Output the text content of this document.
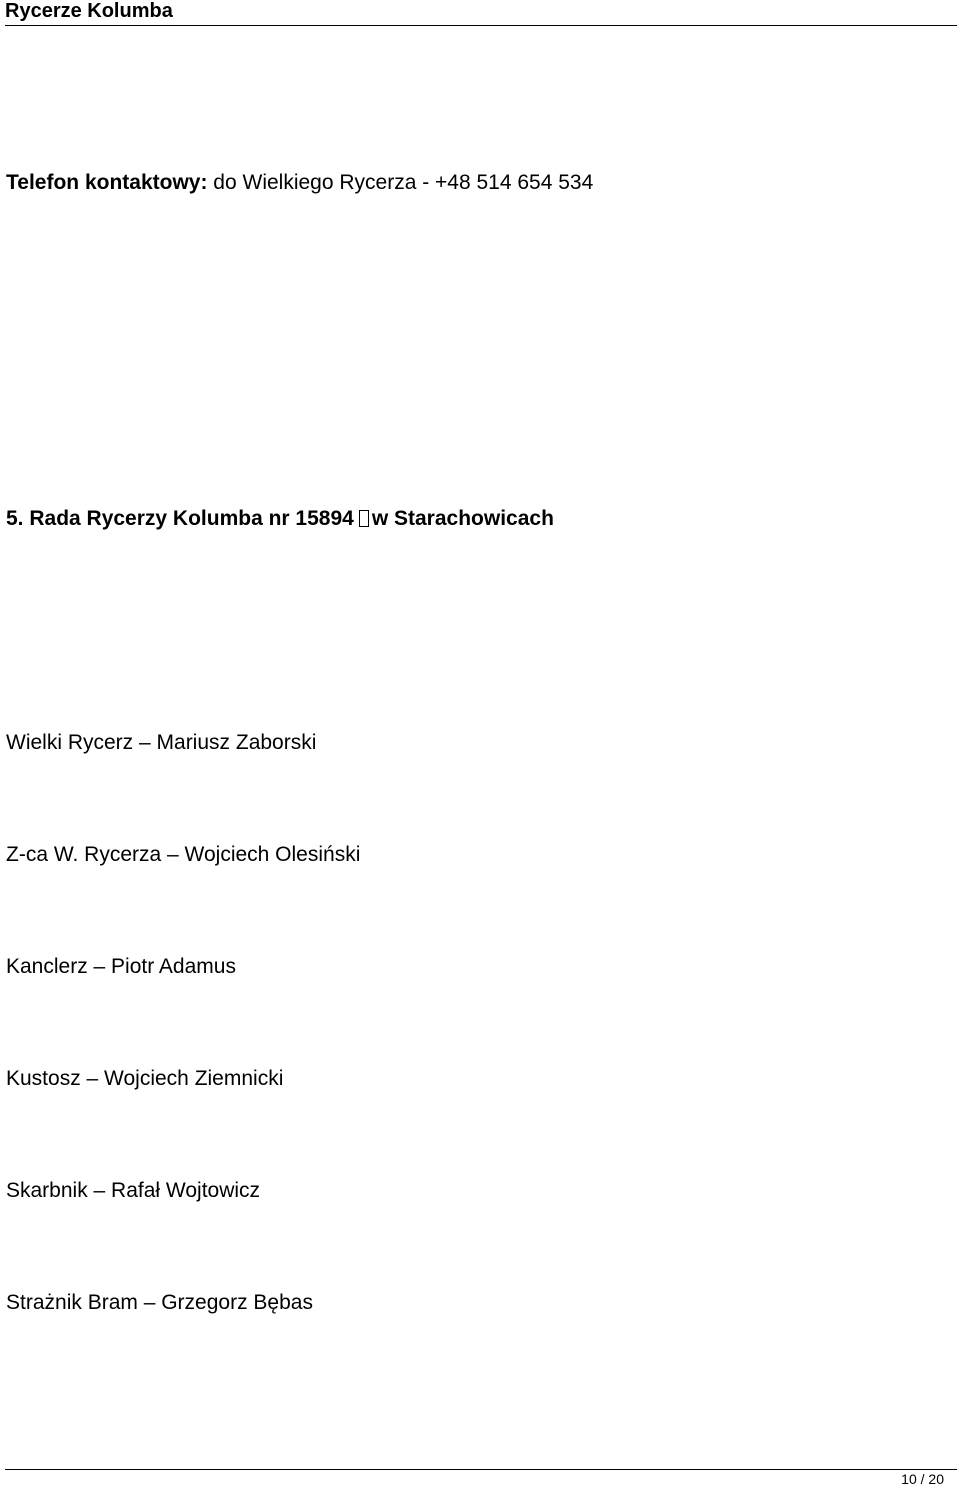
Rycerze Kolumba
Telefon kontaktowy: do Wielkiego Rycerza - +48 514 654 534
5. Rada Rycerzy Kolumba nr 15894 w Starachowicach
Wielki Rycerz – Mariusz Zaborski
Z-ca W. Rycerza – Wojciech Olesiński
Kanclerz – Piotr Adamus
Kustosz – Wojciech Ziemnicki
Skarbnik – Rafał Wojtowicz
Strażnik Bram – Grzegorz Bębas
10 / 20
